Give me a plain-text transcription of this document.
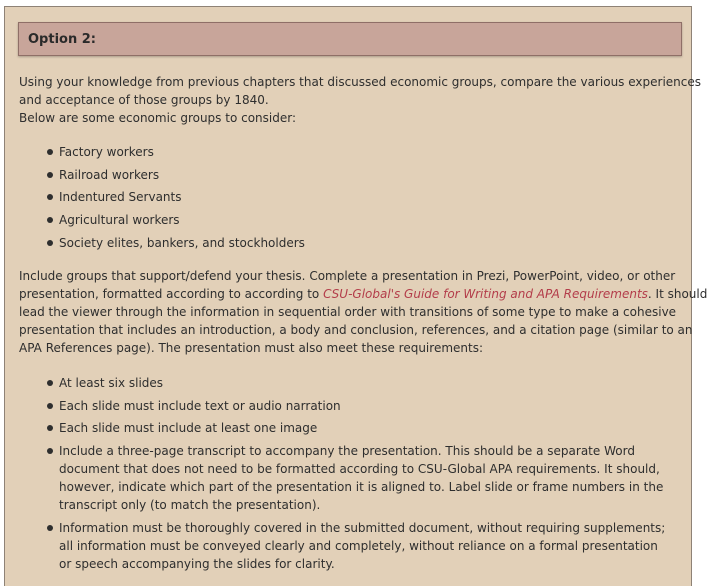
Option 2:
Using your knowledge from previous chapters that discussed economic groups, compare the various experiences
and acceptance of those groups by 1840.
Below are some economic groups to consider:
Factory workers
Railroad workers
Indentured Servants
Agricultural workers
Society elites, bankers, and stockholders
Include groups that support/defend your thesis. Complete a presentation in Prezi, PowerPoint, video, or other
presentation, formatted according to according to CSU-Global's Guide for Writing and APA Requirements. It should
lead the viewer through the information in sequential order with transitions of some type to make a cohesive
presentation that includes an introduction, a body and conclusion, references, and a citation page (similar to an
APA References page). The presentation must also meet these requirements:
At least six slides
Each slide must include text or audio narration
Each slide must include at least one image
Include a three-page transcript to accompany the presentation. This should be a separate Word
document that does not need to be formatted according to CSU-Global APA requirements. It should,
however, indicate which part of the presentation it is aligned to. Label slide or frame numbers in the
transcript only (to match the presentation).
Information must be thoroughly covered in the submitted document, without requiring supplements;
all information must be conveyed clearly and completely, without reliance on a formal presentation
or speech accompanying the slides for clarity.
